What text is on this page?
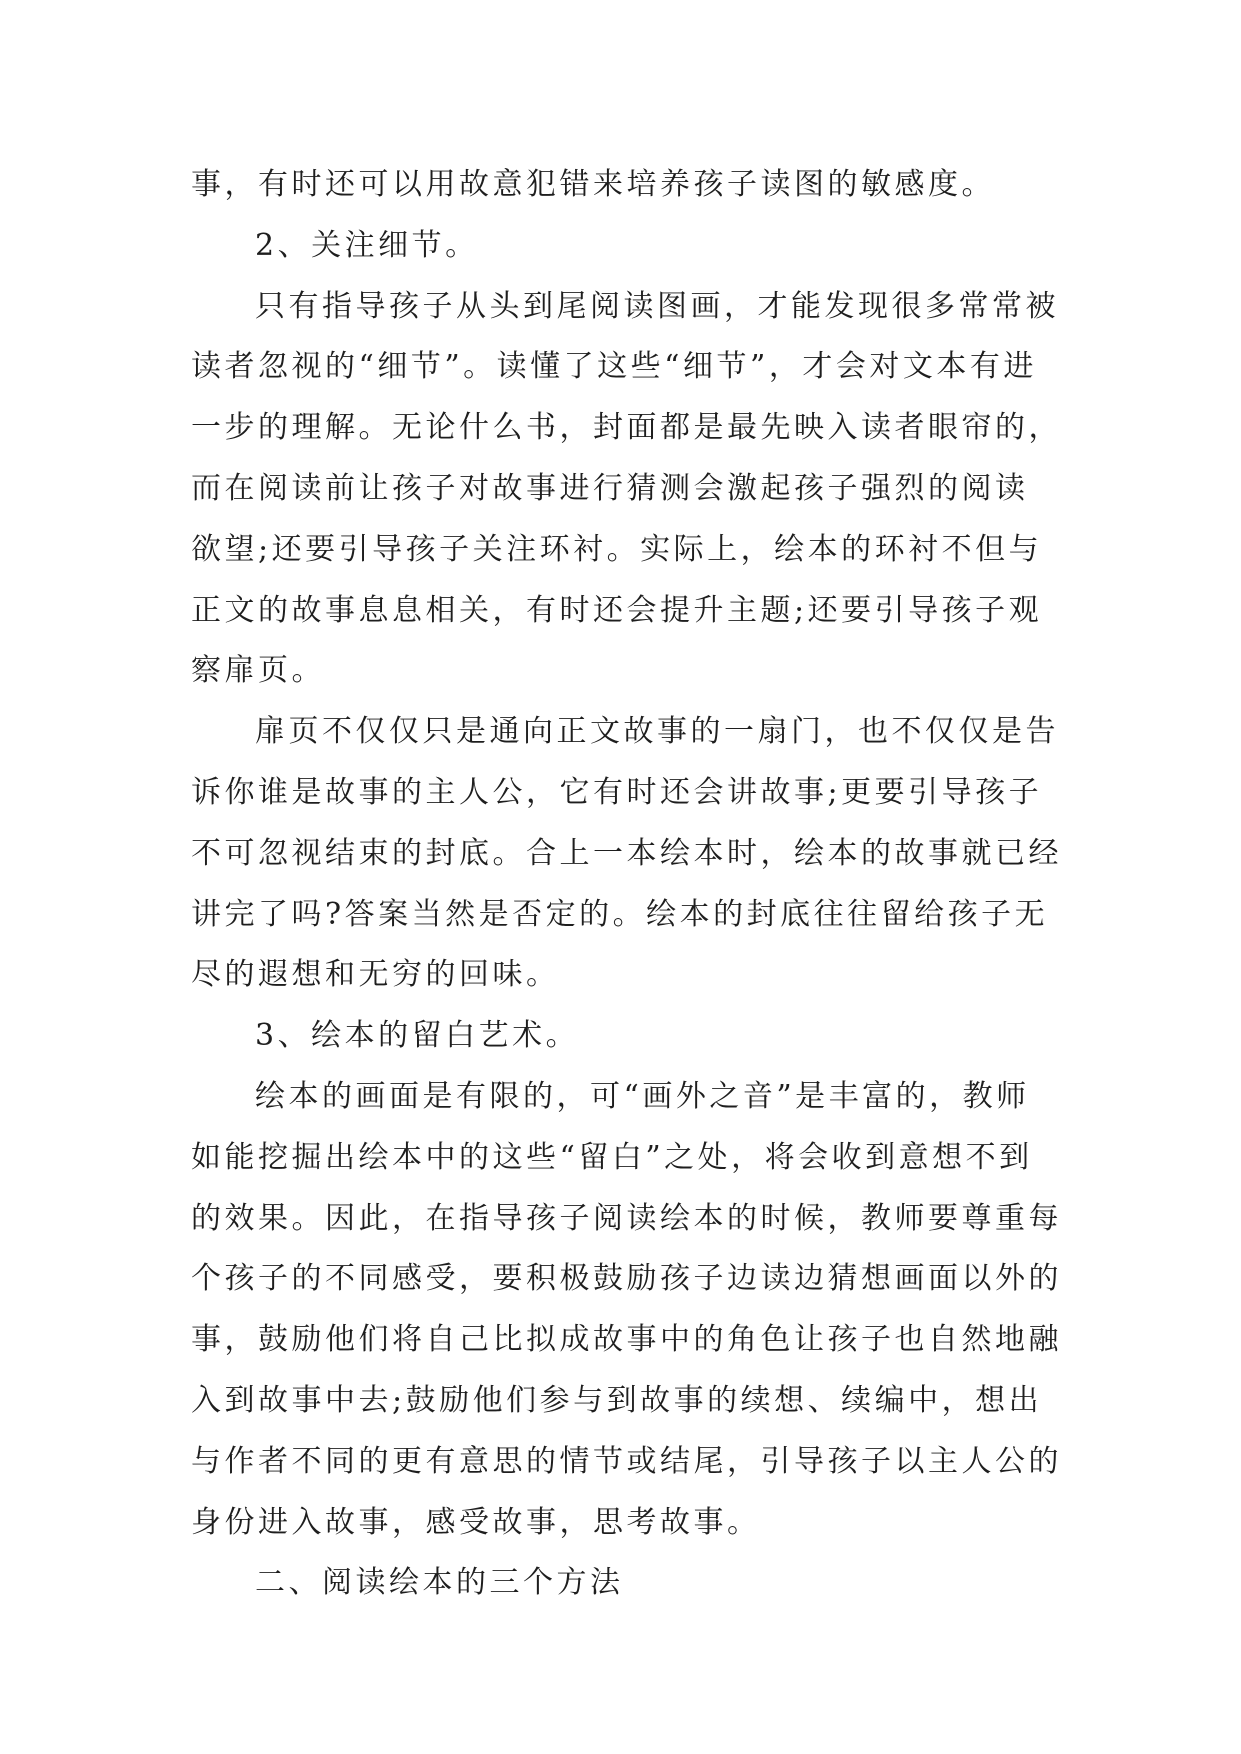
事，有时还可以用故意犯错来培养孩子读图的敏感度。
2、关注细节。
只有指导孩子从头到尾阅读图画，才能发现很多常常被
读者忽视的“细节”。读懂了这些“细节”，才会对文本有进
一步的理解。无论什么书，封面都是最先映入读者眼帘的，
而在阅读前让孩子对故事进行猜测会激起孩子强烈的阅读
欲望;还要引导孩子关注环衬。实际上，绘本的环衬不但与
正文的故事息息相关，有时还会提升主题;还要引导孩子观
察扉页。
扉页不仅仅只是通向正文故事的一扇门，也不仅仅是告
诉你谁是故事的主人公，它有时还会讲故事;更要引导孩子
不可忽视结束的封底。合上一本绘本时，绘本的故事就已经
讲完了吗?答案当然是否定的。绘本的封底往往留给孩子无
尽的遐想和无穷的回味。
3、绘本的留白艺术。
绘本的画面是有限的，可“画外之音”是丰富的，教师
如能挖掘出绘本中的这些“留白”之处，将会收到意想不到
的效果。因此，在指导孩子阅读绘本的时候，教师要尊重每
个孩子的不同感受，要积极鼓励孩子边读边猜想画面以外的
事，鼓励他们将自己比拟成故事中的角色让孩子也自然地融
入到故事中去;鼓励他们参与到故事的续想、续编中，想出
与作者不同的更有意思的情节或结尾，引导孩子以主人公的
身份进入故事，感受故事，思考故事。
二、阅读绘本的三个方法
